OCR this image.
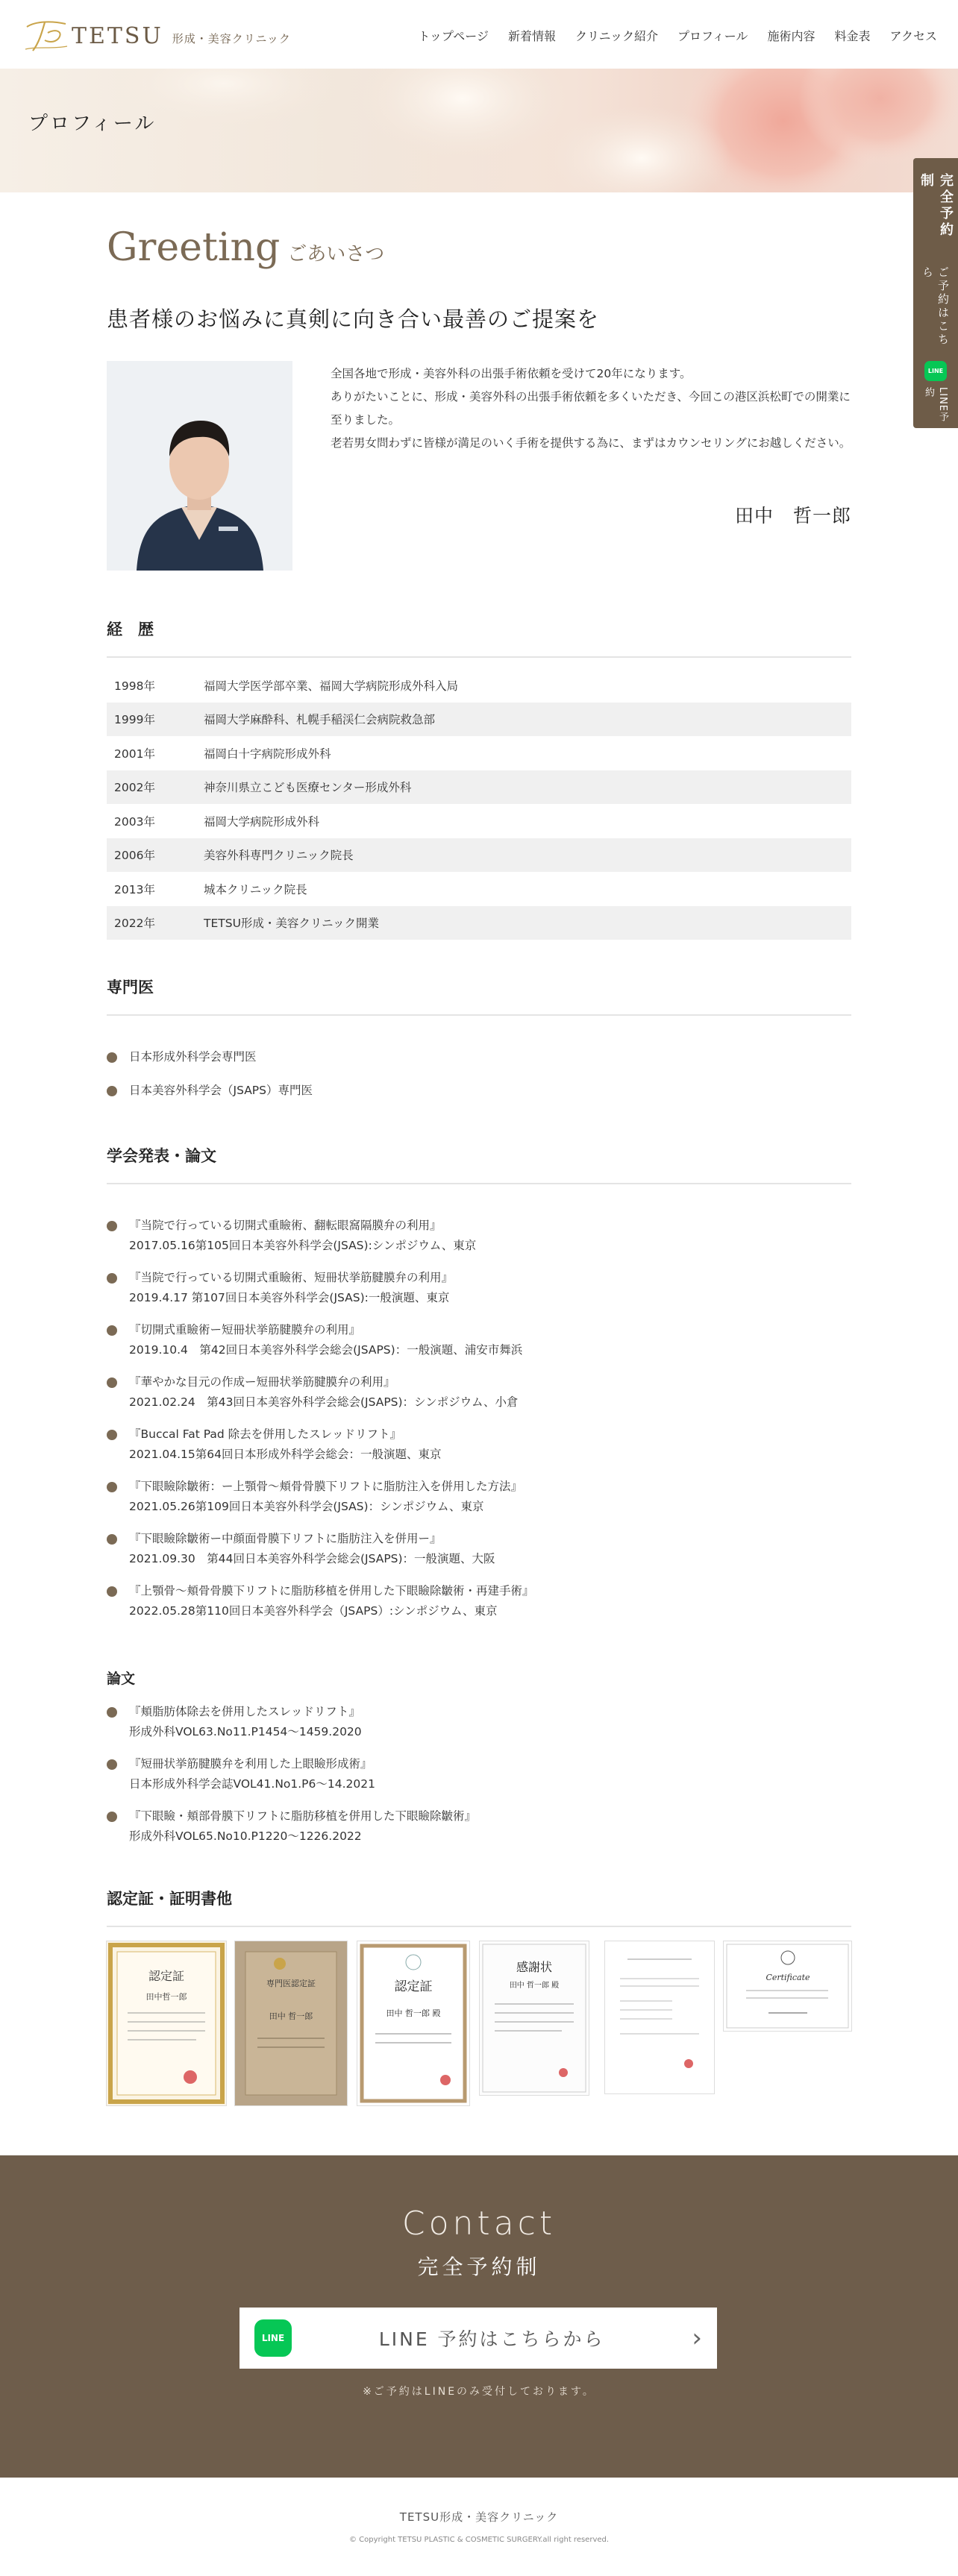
TETSU 形成・美容クリニック	トップページ 新着情報 クリニック紹介 プロフィール 施術内容 料金表 アクセス
プロフィール
完全予約制
ご予約はこちら
LINE
LINE予約
Greeting ごあいさつ
患者様のお悩みに真剣に向き合い最善のご提案を

全国各地で形成・美容外科の出張手術依頼を受けて20年になります。

ありがたいことに、形成・美容外科の出張手術依頼を多くいただき、今回この港区浜松町での開業に至りました。

老若男女問わずに皆様が満足のいく手術を提供する為に、まずはカウンセリングにお越しください。

田中　哲一郎
経　歴
1998年	福岡大学医学部卒業、福岡大学病院形成外科入局
1999年	福岡大学麻酔科、札幌手稲渓仁会病院救急部
2001年	福岡白十字病院形成外科
2002年	神奈川県立こども医療センター形成外科
2003年	福岡大学病院形成外科
2006年	美容外科専門クリニック院長
2013年	城本クリニック院長
2022年	TETSU形成・美容クリニック開業
専門医
日本形成外科学会専門医
日本美容外科学会（JSAPS）専門医
学会発表・論文
『当院で行っている切開式重瞼術、翻転眼窩隔膜弁の利用』
2017.05.16第105回日本美容外科学会(JSAS):シンポジウム、東京
『当院で行っている切開式重瞼術、短冊状挙筋腱膜弁の利用』
2019.4.17 第107回日本美容外科学会(JSAS):一般演題、東京
『切開式重瞼術ー短冊状挙筋腱膜弁の利用』
2019.10.4　第42回日本美容外科学会総会(JSAPS)：一般演題、浦安市舞浜
『華やかな目元の作成ー短冊状挙筋腱膜弁の利用』
2021.02.24　第43回日本美容外科学会総会(JSAPS)：シンポジウム、小倉
『Buccal Fat Pad 除去を併用したスレッドリフト』
2021.04.15第64回日本形成外科学会総会：一般演題、東京
『下眼瞼除皺術：ー上顎骨〜頬骨骨膜下リフトに脂肪注入を併用した方法』
2021.05.26第109回日本美容外科学会(JSAS)：シンポジウム、東京
『下眼瞼除皺術ー中顔面骨膜下リフトに脂肪注入を併用ー』
2021.09.30　第44回日本美容外科学会総会(JSAPS)：一般演題、大阪
『上顎骨〜頬骨骨膜下リフトに脂肪移植を併用した下眼瞼除皺術・再建手術』
2022.05.28第110回日本美容外科学会（JSAPS）:シンポジウム、東京
論文
『頬脂肪体除去を併用したスレッドリフト』
形成外科VOL63.No11.P1454〜1459.2020
『短冊状挙筋腱膜弁を利用した上眼瞼形成術』
日本形成外科学会誌VOL41.No1.P6〜14.2021
『下眼瞼・頬部骨膜下リフトに脂肪移植を併用した下眼瞼除皺術』
形成外科VOL65.No10.P1220〜1226.2022
認定証・証明書他
認定証
田中哲一郎
専門医認定証
田中 哲一郎
認定証
田中 哲一郎 殿
感謝状
田中 哲一郎 殿
Certificate
Contact
完全予約制
LINE	LINE 予約はこちらから	›
※ご予約はLINEのみ受付しております。
TETSU形成・美容クリニック
© Copyright TETSU PLASTIC & COSMETIC SURGERY.all right reserved.
